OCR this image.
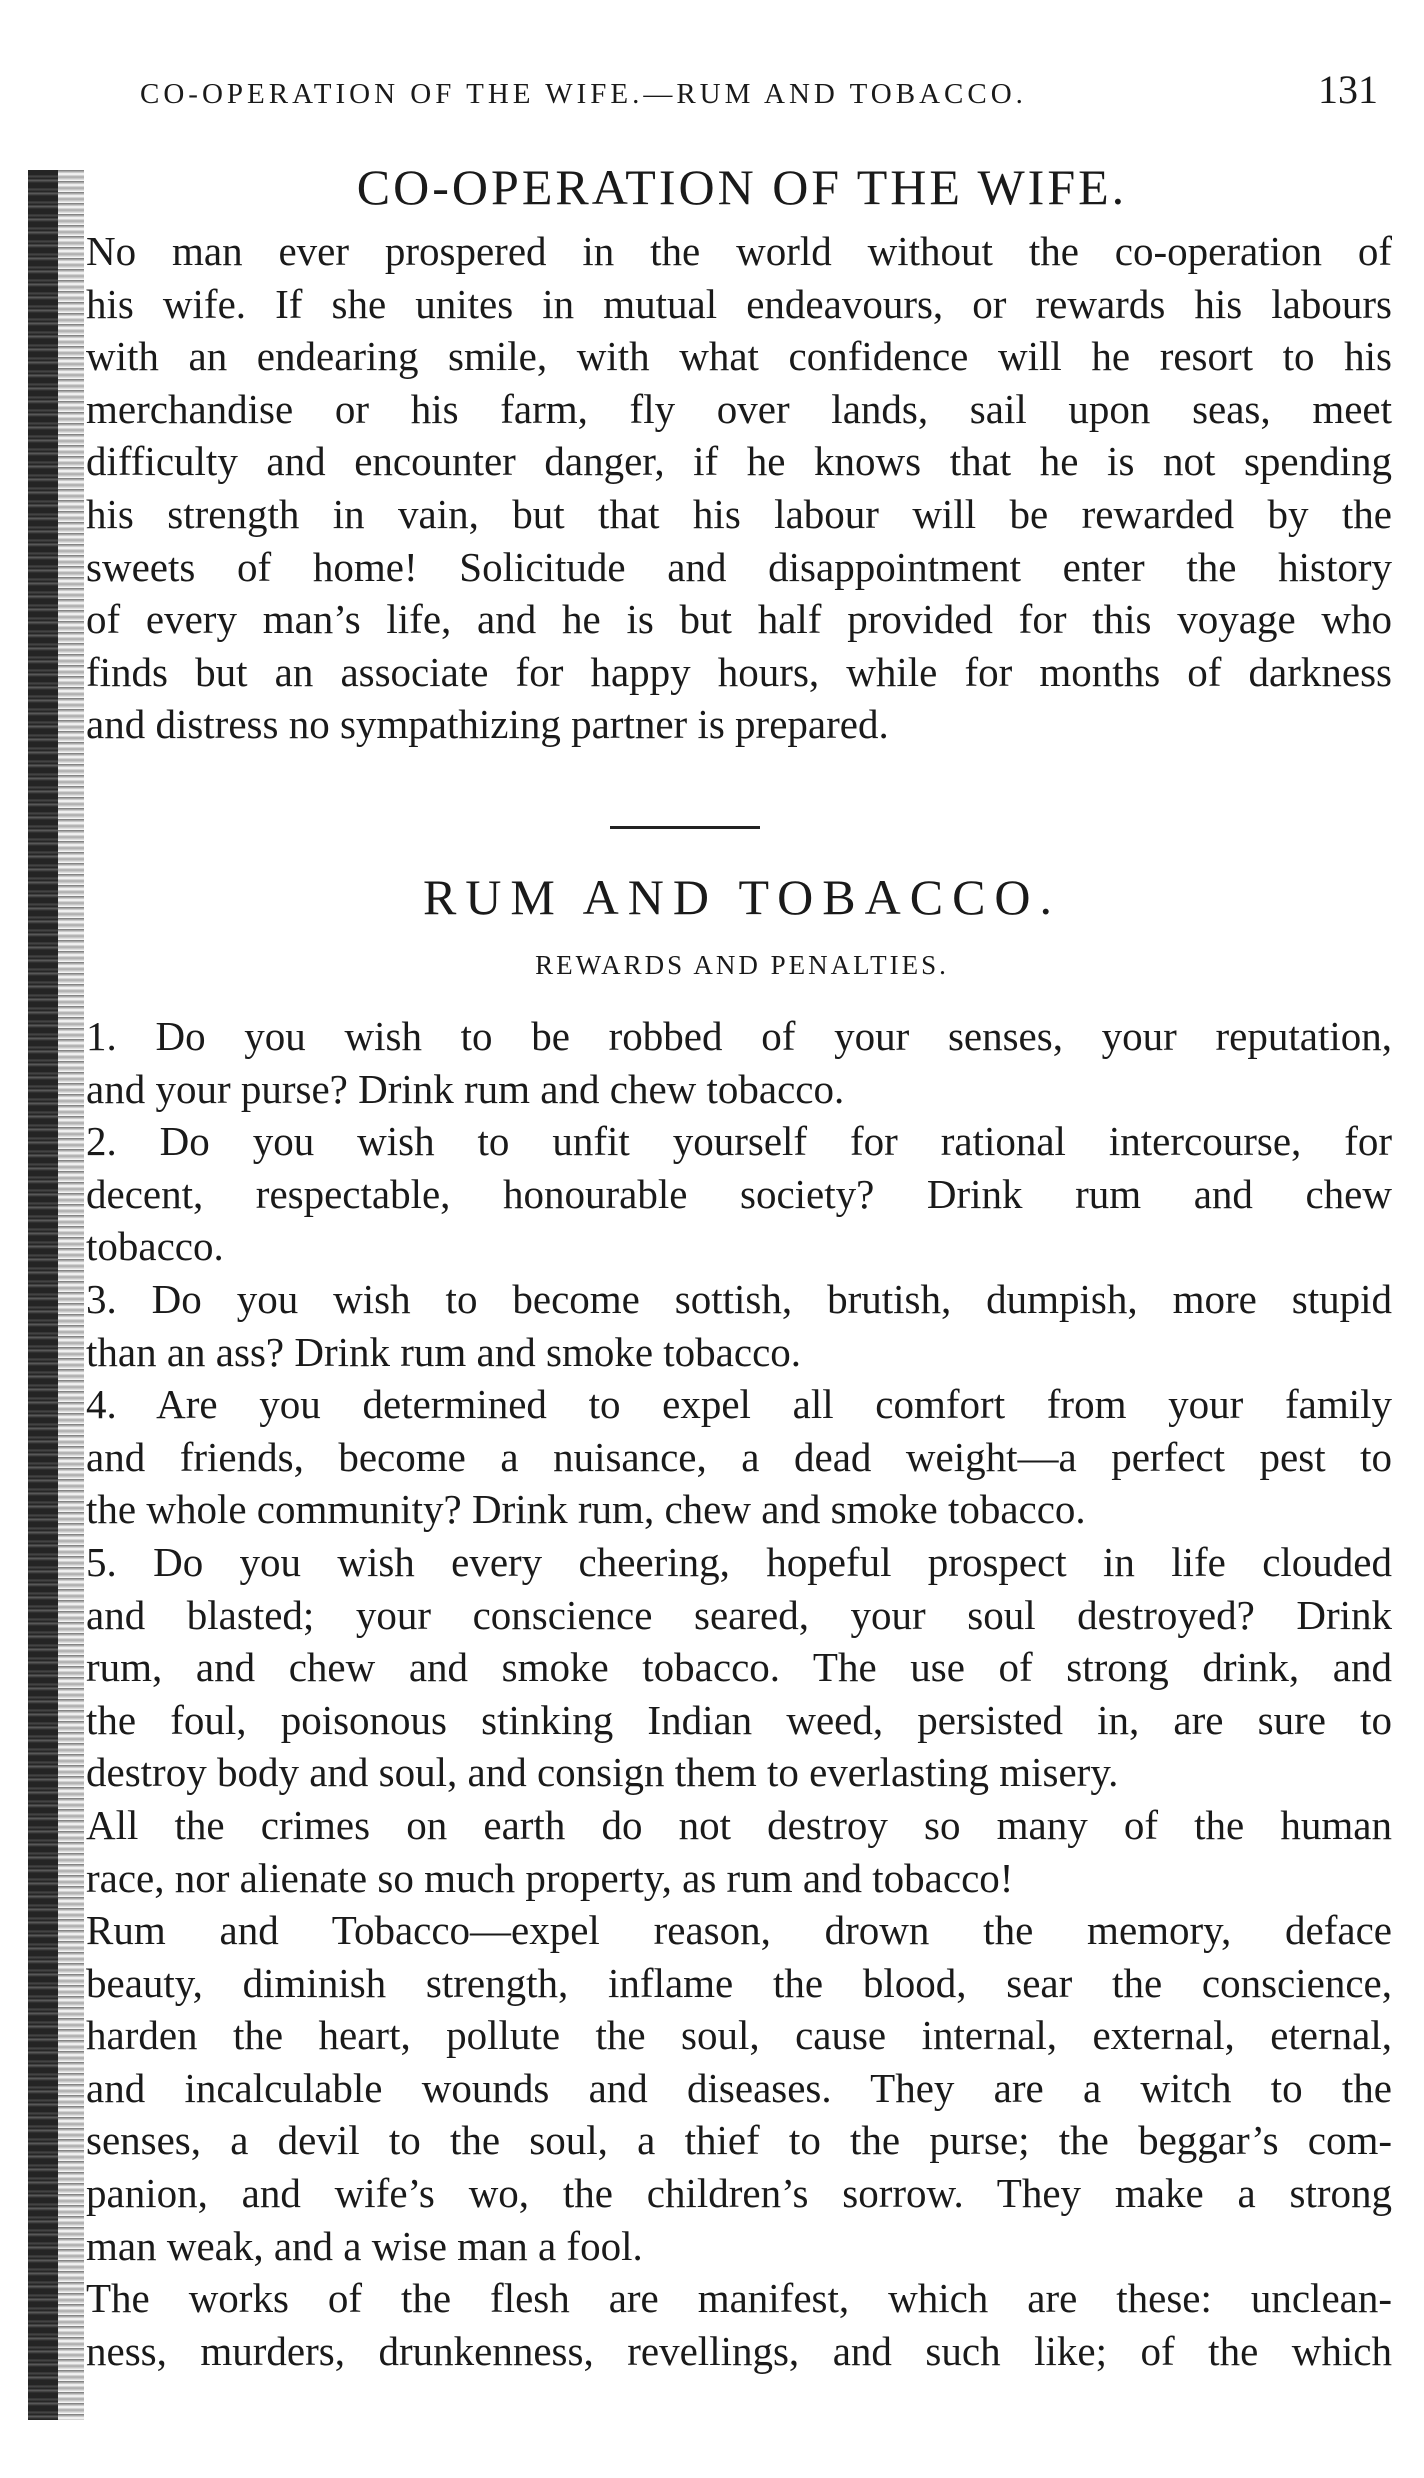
CO-OPERATION OF THE WIFE.—RUM AND TOBACCO.	131
CO-OPERATION OF THE WIFE.
No man ever prospered in the world without the co-operation of
his wife. If she unites in mutual endeavours, or rewards his labours
with an endearing smile, with what confidence will he resort to his
merchandise or his farm, fly over lands, sail upon seas, meet
difficulty and encounter danger, if he knows that he is not spending
his strength in vain, but that his labour will be rewarded by the
sweets of home! Solicitude and disappointment enter the history
of every man’s life, and he is but half provided for this voyage who
finds but an associate for happy hours, while for months of darkness
and distress no sympathizing partner is prepared.
RUM AND TOBACCO.
REWARDS AND PENALTIES.
1. Do you wish to be robbed of your senses, your reputation,
and your purse? Drink rum and chew tobacco.
2. Do you wish to unfit yourself for rational intercourse, for
decent, respectable, honourable society? Drink rum and chew
tobacco.
3. Do you wish to become sottish, brutish, dumpish, more stupid
than an ass? Drink rum and smoke tobacco.
4. Are you determined to expel all comfort from your family
and friends, become a nuisance, a dead weight—a perfect pest to
the whole community? Drink rum, chew and smoke tobacco.
5. Do you wish every cheering, hopeful prospect in life clouded
and blasted; your conscience seared, your soul destroyed? Drink
rum, and chew and smoke tobacco. The use of strong drink, and
the foul, poisonous stinking Indian weed, persisted in, are sure to
destroy body and soul, and consign them to everlasting misery.
All the crimes on earth do not destroy so many of the human
race, nor alienate so much property, as rum and tobacco!
Rum and Tobacco—expel reason, drown the memory, deface
beauty, diminish strength, inflame the blood, sear the conscience,
harden the heart, pollute the soul, cause internal, external, eternal,
and incalculable wounds and diseases. They are a witch to the
senses, a devil to the soul, a thief to the purse; the beggar’s com-
panion, and wife’s wo, the children’s sorrow. They make a strong
man weak, and a wise man a fool.
The works of the flesh are manifest, which are these: unclean-
ness, murders, drunkenness, revellings, and such like; of the which
